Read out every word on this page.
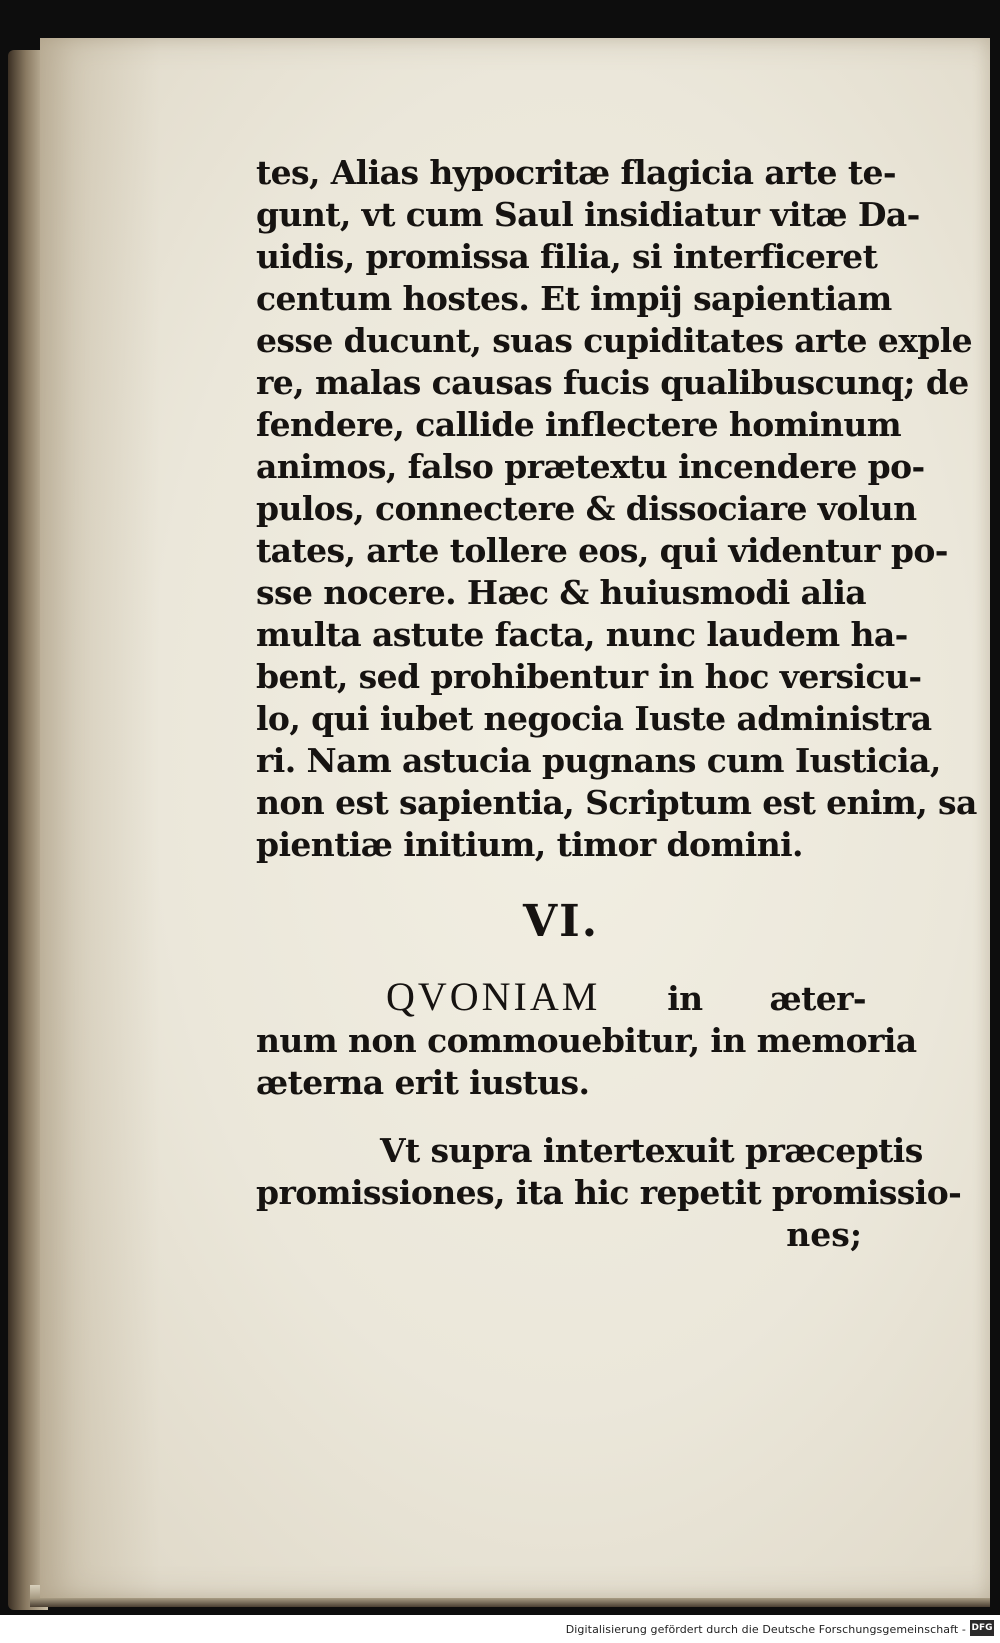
tes, Alias hypocritæ flagicia arte te-
gunt, vt cum Saul insidiatur vitæ Da-
uidis, promissa filia, si interficeret
centum hostes. Et impij sapientiam
esse ducunt, suas cupiditates arte exple
re, malas causas fucis qualibuscunq; de
fendere, callide inflectere hominum
animos, falso prætextu incendere po-
pulos, connectere & dissociare volun
tates, arte tollere eos, qui videntur po-
sse nocere. Hæc & huiusmodi alia
multa astute facta, nunc laudem ha-
bent, sed prohibentur in hoc versicu-
lo, qui iubet negocia Iuste administra
ri. Nam astucia pugnans cum Iusticia,
non est sapientia, Scriptum est enim, sa
pientiæ initium, timor domini.
VI.
QVONIAM in æter-
num non commouebitur, in memoria
æterna erit iustus.
Vt supra intertexuit præceptis
promissiones, ita hic repetit promissio-
nes;
Digitalisierung gefördert durch die Deutsche Forschungsgemeinschaft - DFG
